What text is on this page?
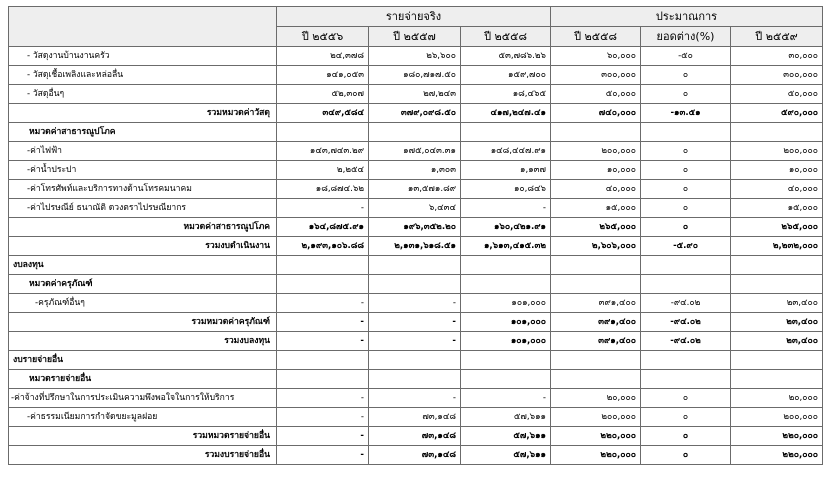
	รายจ่ายจริง			ประมาณการ		
	ปี ๒๕๕๖	ปี ๒๕๕๗	ปี ๒๕๕๘	ปี ๒๕๕๘	ยอดต่าง(%)	ปี ๒๕๕๙
- วัสดุงานบ้านงานครัว	๒๔,๓๗๘	๒๖,๖๐๐	๕๓,๗๘๖.๒๖	๖๐,๐๐๐	-๕๐	๓๐,๐๐๐
- วัสดุเชื้อเพลิงและหล่อลื่น	๑๔๑,๐๕๓	๑๘๐,๗๑๗.๕๐	๑๕๙,๗๐๐	๓๐๐,๐๐๐	๐	๓๐๐,๐๐๐
- วัสดุอื่นๆ	๕๒,๓๐๗	๒๗,๒๔๓	๑๘,๔๖๕	๕๐,๐๐๐	๐	๕๐,๐๐๐
รวมหมวดค่าวัสดุ	๓๔๙,๕๘๔	๓๗๙,๐๙๘.๕๐	๔๑๗,๒๔๗.๔๑	๗๔๐,๐๐๐	-๑๓.๕๑	๕๙๐,๐๐๐
หมวดค่าสาธารณูปโภค						
-ค่าไฟฟ้า	๑๔๓,๗๔๓.๒๙	๑๗๕,๐๔๓.๓๑	๑๔๘,๔๔๗.๙๑	๒๐๐,๐๐๐	๐	๒๐๐,๐๐๐
-ค่าน้ำประปา	๒,๒๕๔	๑,๓๐๓	๑,๑๓๗	๑๐,๐๐๐	๐	๑๐,๐๐๐
-ค่าโทรศัพท์และบริการทางด้านโทรคมนาคม	๑๘,๘๗๔.๖๒	๑๓,๕๗๑.๘๙	๑๐,๘๔๖	๔๐,๐๐๐	๐	๔๐,๐๐๐
-ค่าไปรษณีย์ ธนาณัติ ดวงตราไปรษณียากร	-	๖,๔๓๔	-	๑๕,๐๐๐	๐	๑๕,๐๐๐
หมวดค่าสาธารณูปโภค	๑๖๔,๘๗๕.๙๑	๑๙๖,๓๕๒.๒๐	๑๖๐,๔๒๑.๙๑	๒๖๕,๐๐๐	๐	๒๖๕,๐๐๐
รวมงบดำเนินงาน	๒,๑๙๓,๑๐๖.๘๘	๒,๑๓๑,๖๑๘.๕๑	๑,๖๑๓,๔๑๕.๓๒	๒,๖๐๖,๐๐๐	-๕.๙๐	๒,๒๓๒,๐๐๐
งบลงทุน						
หมวดค่าครุภัณฑ์						
-ครุภัณฑ์อื่นๆ	-	-	๑๐๑,๐๐๐	๓๙๑,๔๐๐	-๙๔.๐๒	๒๓,๔๐๐
รวมหมวดค่าครุภัณฑ์	-	-	๑๐๑,๐๐๐	๓๙๑,๔๐๐	-๙๔.๐๒	๒๓,๔๐๐
รวมงบลงทุน	-	-	๑๐๑,๐๐๐	๓๙๑,๔๐๐	-๙๔.๐๒	๒๓,๔๐๐
งบรายจ่ายอื่น						
หมวดรายจ่ายอื่น						
-ค่าจ้างที่ปรึกษาในการประเมินความพึงพอใจในการให้บริการ	-	-	-	๒๐,๐๐๐	๐	๒๐,๐๐๐
-ค่าธรรมเนียมการกำจัดขยะมูลฝอย	-	๗๓,๑๔๘	๕๗,๖๑๑	๒๐๐,๐๐๐	๐	๒๐๐,๐๐๐
รวมหมวดรายจ่ายอื่น	-	๗๓,๑๔๘	๕๗,๖๑๑	๒๒๐,๐๐๐	๐	๒๒๐,๐๐๐
รวมงบรายจ่ายอื่น	-	๗๓,๑๔๘	๕๗,๖๑๑	๒๒๐,๐๐๐	๐	๒๒๐,๐๐๐
